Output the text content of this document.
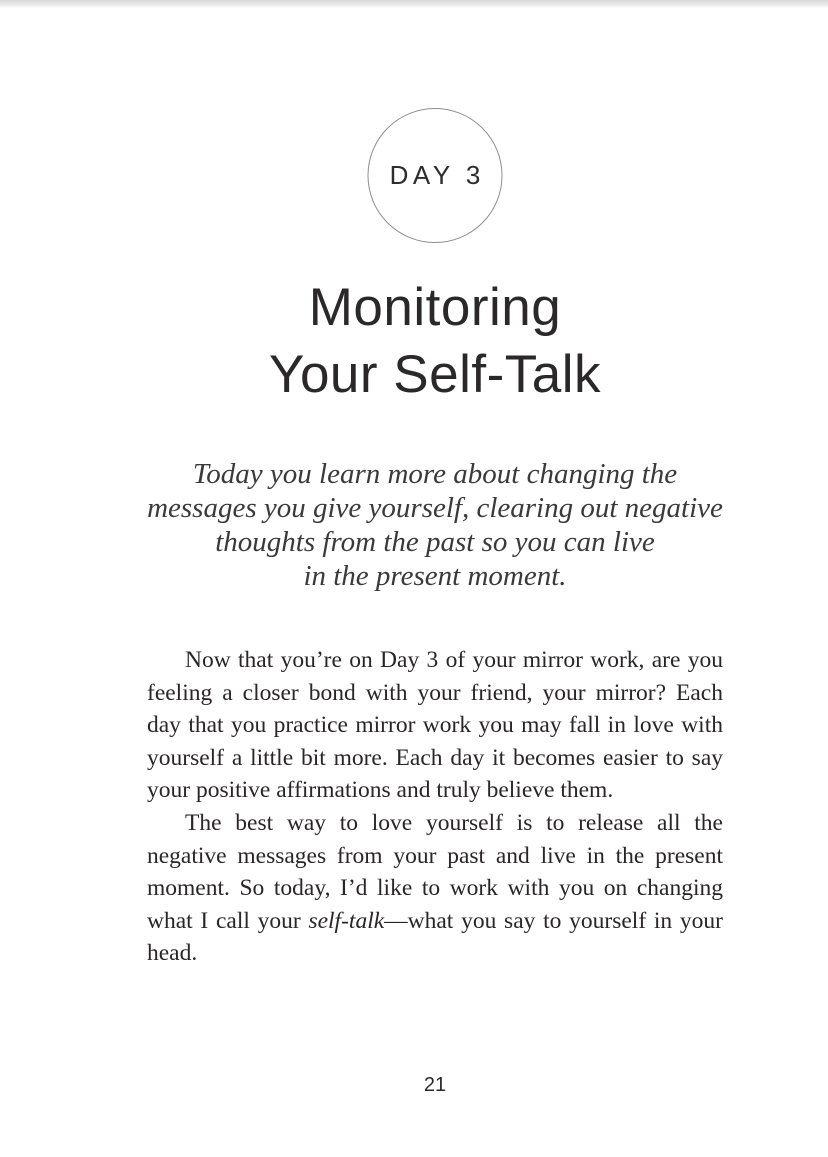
DAY 3
Monitoring
Your Self-Talk
Today you learn more about changing the
messages you give yourself, clearing out negative
thoughts from the past so you can live
in the present moment.

Now that you’re on Day 3 of your mirror work, are you feeling a closer bond with your friend, your mirror? Each day that you practice mirror work you may fall in love with yourself a little bit more. Each day it becomes easier to say your positive affirmations and truly believe them.

The best way to love yourself is to release all the negative messages from your past and live in the present moment. So today, I’d like to work with you on changing what I call your self-talk—what you say to yourself in your head.

21
